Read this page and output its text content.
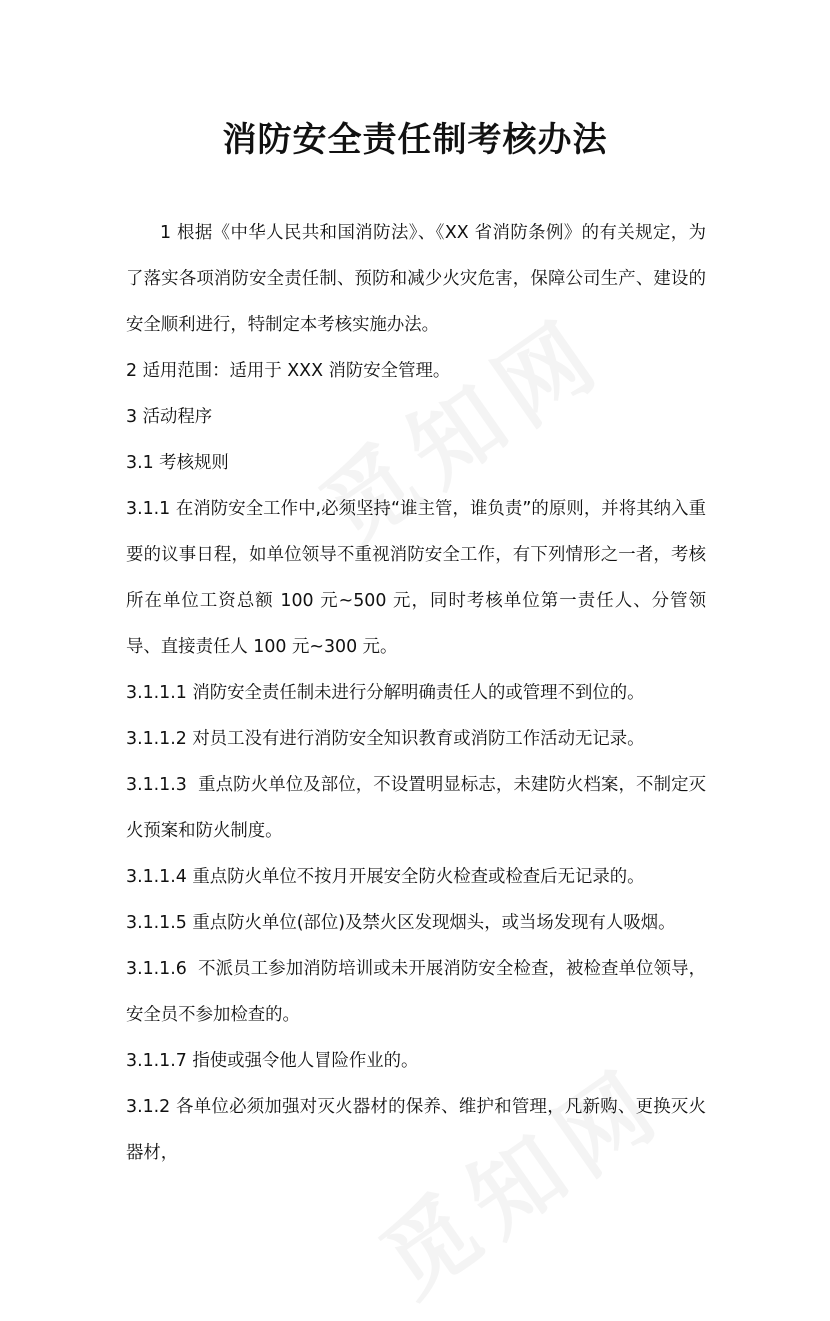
消防安全责任制考核办法

1 根据《中华人民共和国消防法》、《XX 省消防条例》的有关规定，为了落实各项消防安全责任制、预防和减少火灾危害，保障公司生产、建设的安全顺利进行，特制定本考核实施办法。

2 适用范围：适用于 XXX 消防安全管理。

3 活动程序

3.1 考核规则

3.1.1 在消防安全工作中,必须坚持“谁主管，谁负责”的原则，并将其纳入重要的议事日程，如单位领导不重视消防安全工作，有下列情形之一者，考核所在单位工资总额 100 元~500 元，同时考核单位第一责任人、分管领导、直接责任人 100 元~300 元。

3.1.1.1 消防安全责任制未进行分解明确责任人的或管理不到位的。

3.1.1.2 对员工没有进行消防安全知识教育或消防工作活动无记录。

3.1.1.3  重点防火单位及部位，不设置明显标志，未建防火档案，不制定灭火预案和防火制度。

3.1.1.4 重点防火单位不按月开展安全防火检查或检查后无记录的。

3.1.1.5 重点防火单位(部位)及禁火区发现烟头，或当场发现有人吸烟。

3.1.1.6  不派员工参加消防培训或未开展消防安全检查，被检查单位领导，安全员不参加检查的。

3.1.1.7 指使或强令他人冒险作业的。

3.1.2 各单位必须加强对灭火器材的保养、维护和管理，凡新购、更换灭火器材，
